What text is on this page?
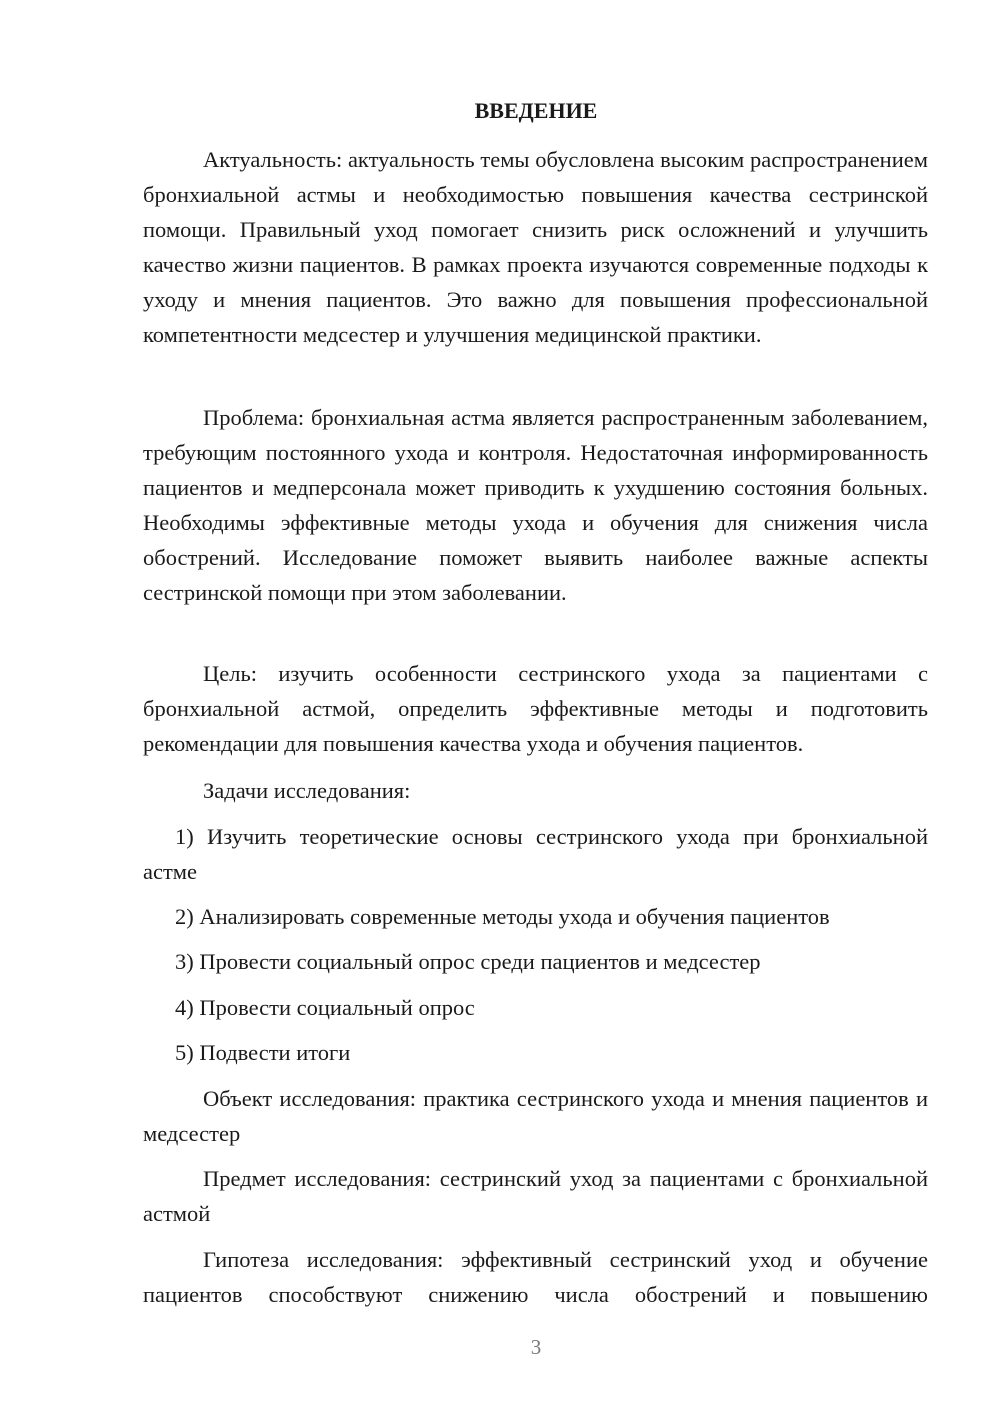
ВВЕДЕНИЕ

Актуальность: актуальность темы обусловлена высоким распространением бронхиальной астмы и необходимостью повышения качества сестринской помощи. Правильный уход помогает снизить риск осложнений и улучшить качество жизни пациентов. В рамках проекта изучаются современные подходы к уходу и мнения пациентов. Это важно для повышения профессиональной компетентности медсестер и улучшения медицинской практики.

Проблема: бронхиальная астма является распространенным заболеванием, требующим постоянного ухода и контроля. Недостаточная информированность пациентов и медперсонала может приводить к ухудшению состояния больных. Необходимы эффективные методы ухода и обучения для снижения числа обострений. Исследование поможет выявить наиболее важные аспекты сестринской помощи при этом заболевании.

Цель: изучить особенности сестринского ухода за пациентами с бронхиальной астмой, определить эффективные методы и подготовить рекомендации для повышения качества ухода и обучения пациентов.

Задачи исследования:

1) Изучить теоретические основы сестринского ухода при бронхиальной астме

2) Анализировать современные методы ухода и обучения пациентов

3) Провести социальный опрос среди пациентов и медсестер

4) Провести социальный опрос

5) Подвести итоги

Объект исследования: практика сестринского ухода и мнения пациентов и медсестер

Предмет исследования: сестринский уход за пациентами с бронхиальной астмой

Гипотеза исследования: эффективный сестринский уход и обучение пациентов способствуют снижению числа обострений и повышению

3
